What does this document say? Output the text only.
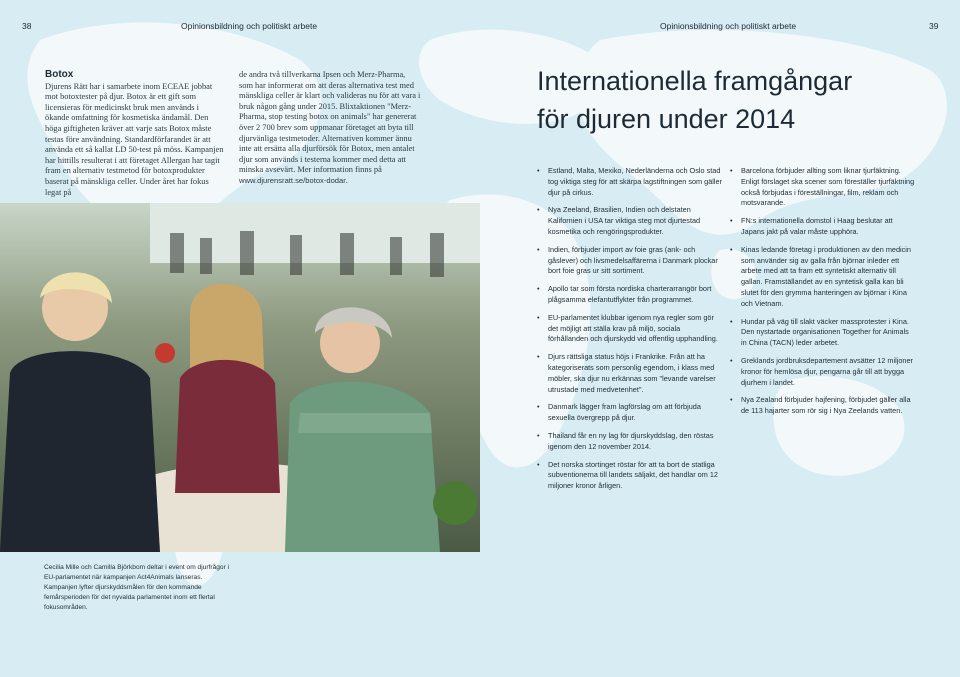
38	Opinionsbildning och politiskt arbete	Opinionsbildning och politiskt arbete	39
Botox
Djurens Rätt har i samarbete inom ECEAE jobbat mot botoxtester på djur. Botox är ett gift som licensieras för medicinskt bruk men används i ökande omfattning för kosmetiska ändamål. Den höga giftigheten kräver att varje sats Botox måste testas före användning. Standardförfarandet är att använda ett så kallat LD 50-test på möss. Kampanjen har hittills resulterat i att företaget Allergan har tagit fram en alternativ testmetod för botoxprodukter baserat på mänskliga celler. Under året har fokus legat på
de andra två tillverkarna Ipsen och Merz-Pharma, som har informerat om att deras alternativa test med mänskliga celler är klart och valideras nu för att vara i bruk någon gång under 2015. Blixtaktionen "Merz-Pharma, stop testing botox on animals" har genererat över 2 700 brev som uppmanar företaget att byta till djurvänliga testmetoder. Alternativen kommer ännu inte att ersätta alla djurförsök för Botox, men antalet djur som används i testerna kommer med detta att minska avsevärt. Mer information finns på www.djurensratt.se/botox-dodar.
Cecilia Mille och Camilla Björkbom deltar i event om djurfrågor i EU-parlamentet när kampanjen Act4Animals lanseras. Kampanjen lyfter djurskyddsmålen för den kommande femårsperioden för det nyvalda parlamentet inom ett flertal fokusområden.
Internationella framgångar
för djuren under 2014
• Estland, Malta, Mexiko, Nederländerna och Oslo stad tog viktiga steg för att skärpa lagstiftningen som gäller djur på cirkus.
• Nya Zeeland, Brasilien, Indien och delstaten Kalifornien i USA tar viktiga steg mot djurtestad kosmetika och rengöringsprodukter.
• Indien, förbjuder import av foie gras (ank- och gåslever) och livsmedelsaffärerna i Danmark plockar bort foie gras ur sitt sortiment.
• Apollo tar som första nordiska charterarrangör bort plågsamma elefantutflykter från programmet.
• EU-parlamentet klubbar igenom nya regler som gör det möjligt att ställa krav på miljö, sociala förhållanden och djurskydd vid offentlig upphandling.
• Djurs rättsliga status höjs i Frankrike. Från att ha kategoriserats som personlig egendom, i klass med möbler, ska djur nu erkännas som "levande varelser utrustade med medvetenhet".
• Danmark lägger fram lagförslag om att förbjuda sexuella övergrepp på djur.
• Thailand får en ny lag för djurskyddslag, den röstas igenom den 12 november 2014.
• Det norska stortinget röstar för att ta bort de statliga subventionerna till landets säljakt, det handlar om 12 miljoner kronor årligen.
• Barcelona förbjuder allting som liknar tjurfäktning. Enligt förslaget ska scener som föreställer tjurfäktning också förbjudas i föreställningar, film, reklam och motsvarande.
• FN:s internationella domstol i Haag beslutar att Japans jakt på valar måste upphöra.
• Kinas ledande företag i produktionen av den medicin som använder sig av galla från björnar inleder ett arbete med att ta fram ett syntetiskt alternativ till gallan. Framställandet av en syntetisk galla kan bli slutet för den grymma hanteringen av björnar i Kina och Vietnam.
• Hundar på väg till slakt väcker massprotester i Kina. Den nystartade organisationen Together for Animals in China (TACN) leder arbetet.
• Greklands jordbruksdepartement avsätter 12 miljoner kronor för hemlösa djur, pengarna går till att bygga djurhem i landet.
• Nya Zealand förbjuder hajfening, förbjudet gäller alla de 113 hajarter som rör sig i Nya Zeelands vatten.
